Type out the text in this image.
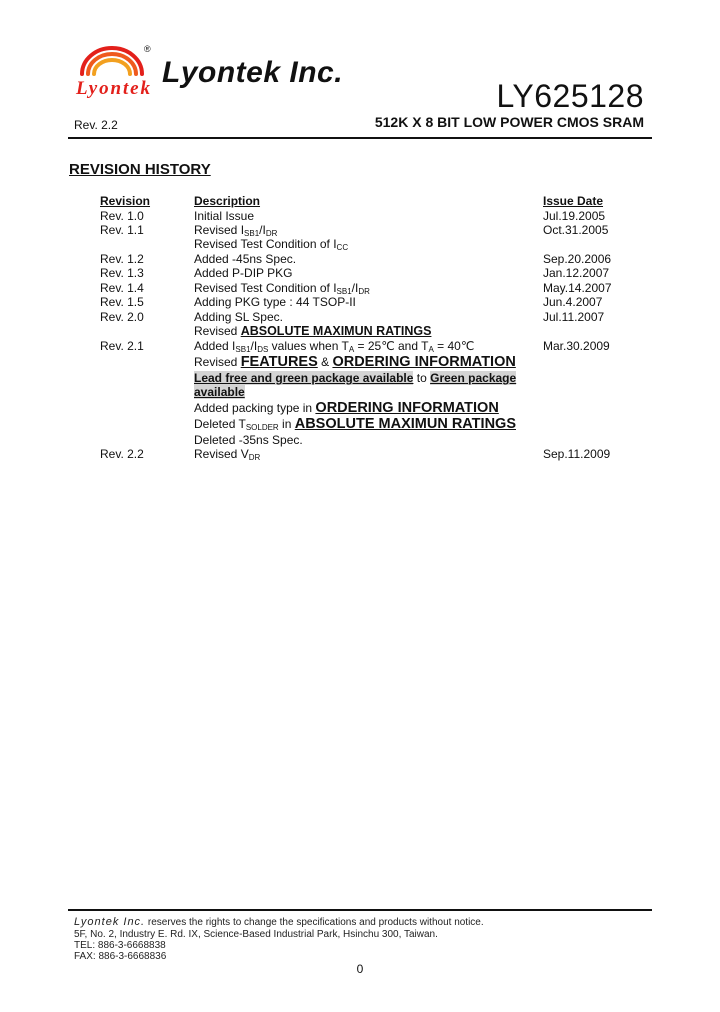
®
Lyontek Lyontek Inc.
LY625128
Rev. 2.2	512K X 8 BIT LOW POWER CMOS SRAM
REVISION HISTORY
Revision	Description	Issue Date
Rev. 1.0	Initial Issue	Jul.19.2005
Rev. 1.1	Revised $I_{SB1}/I_{DR}$	Oct.31.2005
Revised Test Condition of $I_{CC}$
Rev. 1.2	Added -45ns Spec.	Sep.20.2006
Rev. 1.3	Added P-DIP PKG	Jan.12.2007
Rev. 1.4	Revised Test Condition of $I_{SB1}/I_{DR}$	May.14.2007
Rev. 1.5	Adding PKG type : 44 TSOP-II	Jun.4.2007
Rev. 2.0	Adding SL Spec.	Jul.11.2007
Revised ABSOLUTE MAXIMUN RATINGS
Rev. 2.1	Added $I_{SB1}/I_{DS}$ values when $T_A$ = 25℃ and $T_A$ = 40℃	Mar.30.2009
Revised FEATURES & ORDERING INFORMATION
Lead free and green package available to Green package
available
Added packing type in ORDERING INFORMATION
Deleted $T_{SOLDER}$ in ABSOLUTE MAXIMUN RATINGS
Deleted -35ns Spec.
Rev. 2.2	Revised $V_{DR}$	Sep.11.2009
Lyontek Inc. reserves the rights to change the specifications and products without notice.
5F, No. 2, Industry E. Rd. IX, Science-Based Industrial Park, Hsinchu 300, Taiwan.
TEL: 886-3-6668838
FAX: 886-3-6668836
0
